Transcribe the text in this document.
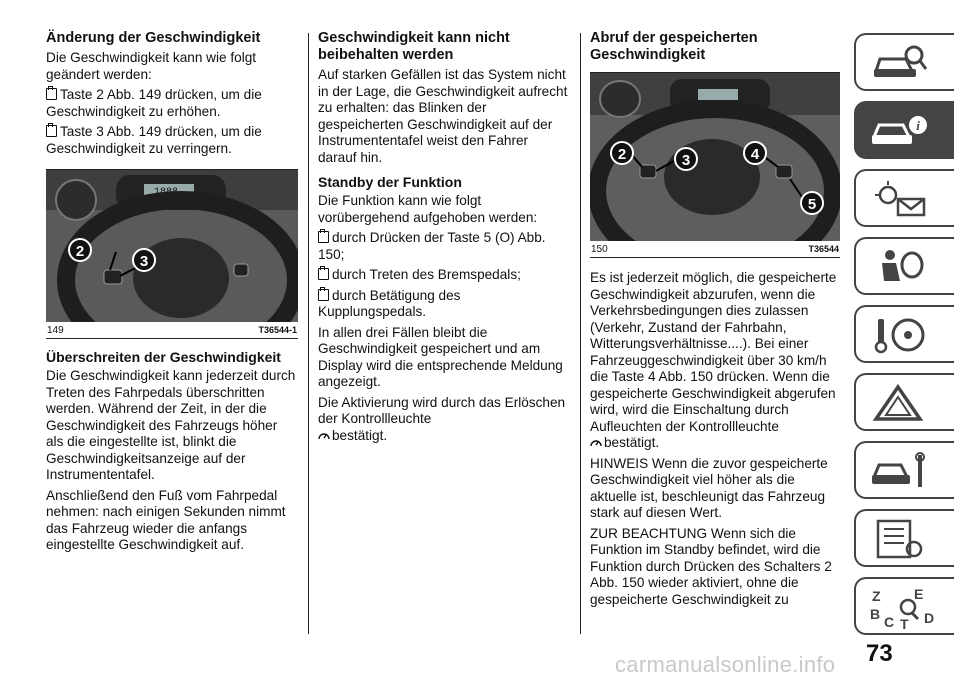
Änderung der Geschwindigkeit

Die Geschwindigkeit kann wie folgt geändert werden:

Taste 2 Abb. 149 drücken, um die Geschwindigkeit zu erhöhen.

Taste 3 Abb. 149 drücken, um die Geschwindigkeit zu verringern.

1888
2
3
149	T36544-1
Überschreiten der Geschwindigkeit

Die Geschwindigkeit kann jederzeit durch Treten des Fahrpedals überschritten werden. Während der Zeit, in der die Geschwindigkeit des Fahrzeugs höher als die eingestellte ist, blinkt die Geschwindigkeitsanzeige auf der Instrumententafel.

Anschließend den Fuß vom Fahrpedal nehmen: nach einigen Sekunden nimmt das Fahrzeug wieder die anfangs eingestellte Geschwindigkeit auf.

Geschwindigkeit kann nicht beibehalten werden

Auf starken Gefällen ist das System nicht in der Lage, die Geschwindigkeit aufrecht zu erhalten: das Blinken der gespeicherten Geschwindigkeit auf der Instrumententafel weist den Fahrer darauf hin.

Standby der Funktion

Die Funktion kann wie folgt vorübergehend aufgehoben werden:

durch Drücken der Taste 5 (O) Abb. 150;

durch Treten des Bremspedals;

durch Betätigung des Kupplungspedals.

In allen drei Fällen bleibt die Geschwindigkeit gespeichert und am Display wird die entsprechende Meldung angezeigt.

Die Aktivierung wird durch das Erlöschen der Kontrollleuchte
bestätigt.

Abruf der gespeicherten Geschwindigkeit
2	3	4
5
150	T36544

Es ist jederzeit möglich, die gespeicherte Geschwindigkeit abzurufen, wenn die Verkehrsbedingungen dies zulassen (Verkehr, Zustand der Fahrbahn, Witterungsverhältnisse....). Bei einer Fahrzeuggeschwindigkeit über 30 km/h die Taste 4 Abb. 150 drücken. Wenn die gespeicherte Geschwindigkeit abgerufen wird, wird die Einschaltung durch Aufleuchten der Kontrollleuchte
bestätigt.

HINWEIS Wenn die zuvor gespeicherte Geschwindigkeit viel höher als die aktuelle ist, beschleunigt das Fahrzeug stark auf diesen Wert.

ZUR BEACHTUNG Wenn sich die Funktion im Standby befindet, wird die Funktion durch Drücken des Schalters 2 Abb. 150 wieder aktiviert, ohne die gespeicherte Geschwindigkeit zu

i
Z E
B C T D
73
carmanualsonline.info
